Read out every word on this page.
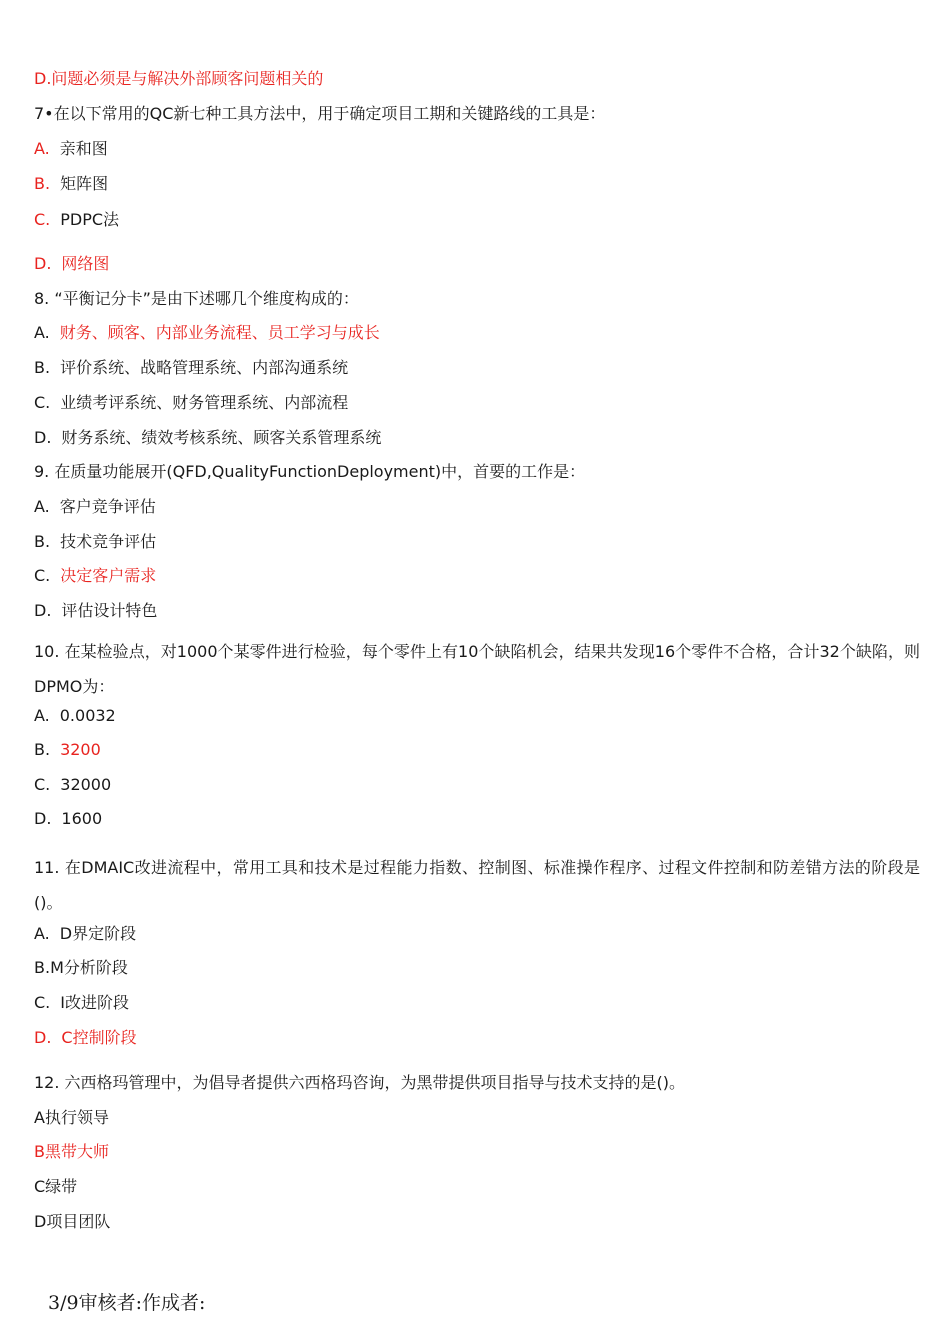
D.问题必须是与解决外部顾客问题相关的
7•在以下常用的QC新七种工具方法中，用于确定项目工期和关键路线的工具是：
A. 亲和图
B. 矩阵图
C. PDPC法
D. 网络图
8. “平衡记分卡”是由下述哪几个维度构成的：
A. 财务、顾客、内部业务流程、员工学习与成长
B. 评价系统、战略管理系统、内部沟通系统
C. 业绩考评系统、财务管理系统、内部流程
D. 财务系统、绩效考核系统、顾客关系管理系统
9. 在质量功能展开(QFD,QualityFunctionDeployment)中，首要的工作是：
A. 客户竞争评估
B. 技术竞争评估
C. 决定客户需求
D. 评估设计特色
10. 在某检验点，对1000个某零件进行检验，每个零件上有10个缺陷机会，结果共发现16个零件不合格，合计32个缺陷，则DPMO为：
A. 0.0032
B. 3200
C. 32000
D. 1600
11. 在DMAIC改进流程中，常用工具和技术是过程能力指数、控制图、标准操作程序、过程文件控制和防差错方法的阶段是()。
A. D界定阶段
B.M分析阶段
C. I改进阶段
D. C控制阶段
12. 六西格玛管理中，为倡导者提供六西格玛咨询，为黑带提供项目指导与技术支持的是()。
A执行领导
B黑带大师
C绿带
D项目团队
3/9审核者:作成者:
